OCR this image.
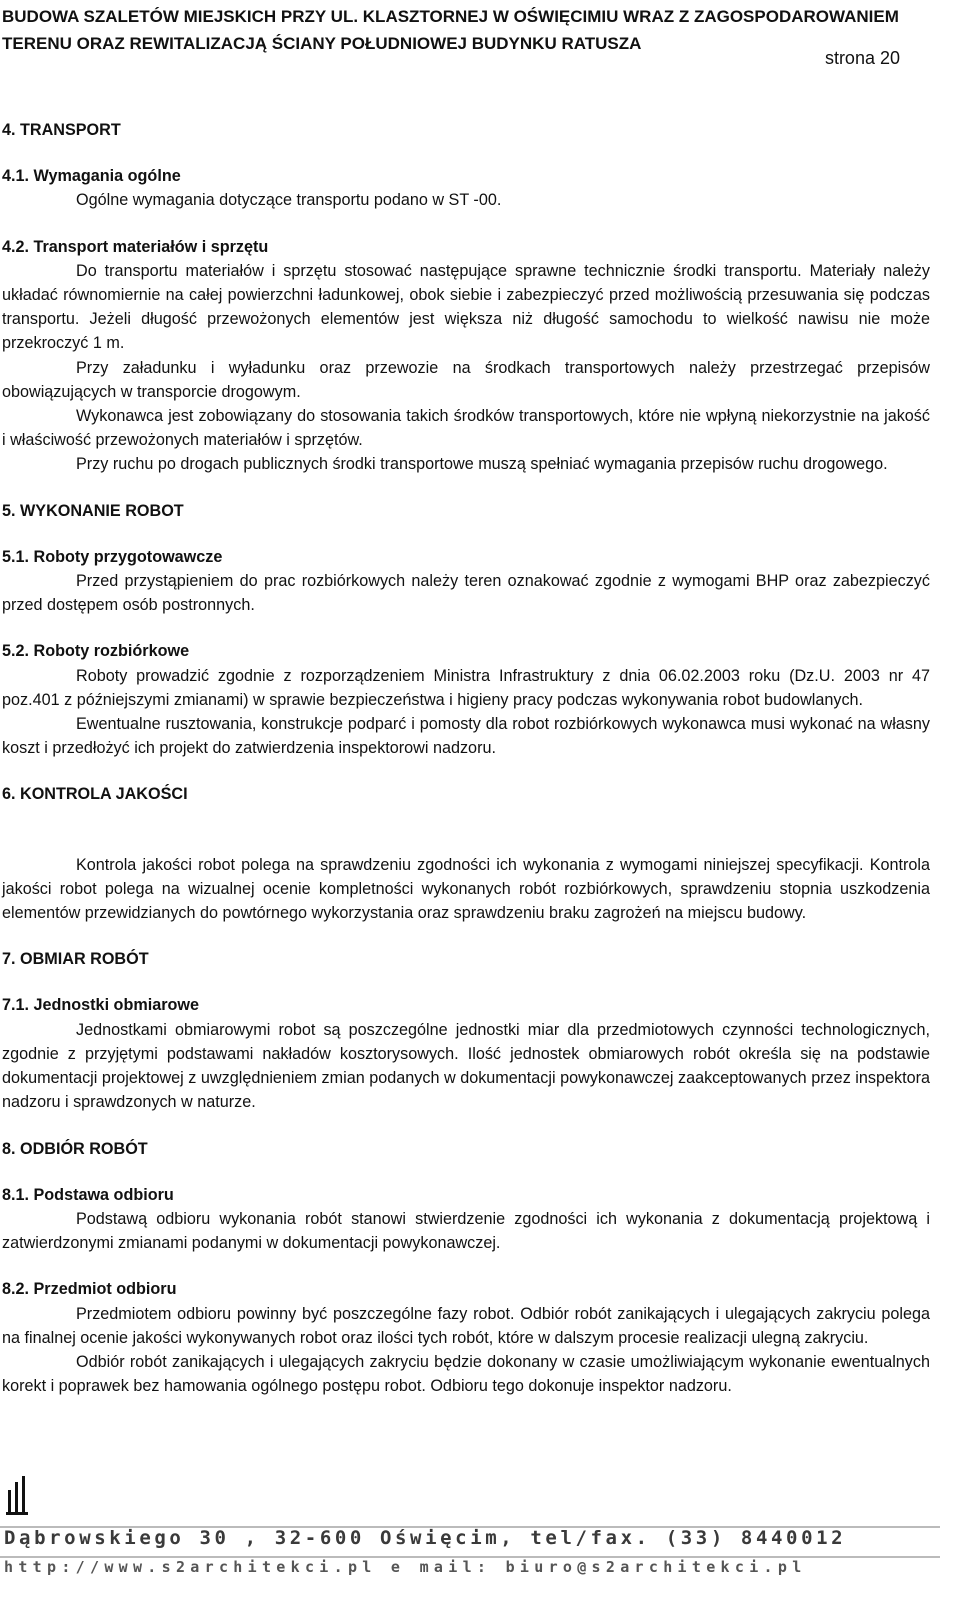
BUDOWA SZALETÓW MIEJSKICH PRZY UL. KLASZTORNEJ W OŚWIĘCIMIU WRAZ Z ZAGOSPODAROWANIEM
TERENU ORAZ REWITALIZACJĄ ŚCIANY POŁUDNIOWEJ BUDYNKU RATUSZA
strona 20

4. TRANSPORT

4.1. Wymagania ogólne

Ogólne wymagania dotyczące transportu podano w ST -00.

4.2. Transport materiałów i sprzętu

Do transportu materiałów i sprzętu stosować następujące sprawne technicznie środki transportu. Materiały należy układać równomiernie na całej powierzchni ładunkowej, obok siebie i zabezpieczyć przed możliwością przesuwania się podczas transportu. Jeżeli długość przewożonych elementów jest większa niż długość samochodu to wielkość nawisu nie może przekroczyć 1 m.

Przy załadunku i wyładunku oraz przewozie na środkach transportowych należy przestrzegać przepisów obowiązujących w transporcie drogowym.

Wykonawca jest zobowiązany do stosowania takich środków transportowych, które nie wpłyną niekorzystnie na jakość i właściwość przewożonych materiałów i sprzętów.

Przy ruchu po drogach publicznych środki transportowe muszą spełniać wymagania przepisów ruchu drogowego.

5. WYKONANIE ROBOT

5.1. Roboty przygotowawcze

Przed przystąpieniem do prac rozbiórkowych należy teren oznakować zgodnie z wymogami BHP oraz zabezpieczyć przed dostępem osób postronnych.

5.2. Roboty rozbiórkowe

Roboty prowadzić zgodnie z rozporządzeniem Ministra Infrastruktury z dnia 06.02.2003 roku (Dz.U. 2003 nr 47 poz.401 z późniejszymi zmianami) w sprawie bezpieczeństwa i higieny pracy podczas wykonywania robot budowlanych.

Ewentualne rusztowania, konstrukcje podparć i pomosty dla robot rozbiórkowych wykonawca musi wykonać na własny koszt i przedłożyć ich projekt do zatwierdzenia inspektorowi nadzoru.

6. KONTROLA JAKOŚCI

Kontrola jakości robot polega na sprawdzeniu zgodności ich wykonania z wymogami niniejszej specyfikacji. Kontrola jakości robot polega na wizualnej ocenie kompletności wykonanych robót rozbiórkowych, sprawdzeniu stopnia uszkodzenia elementów przewidzianych do powtórnego wykorzystania oraz sprawdzeniu braku zagrożeń na miejscu budowy.

7. OBMIAR ROBÓT

7.1. Jednostki obmiarowe

Jednostkami obmiarowymi robot są poszczególne jednostki miar dla przedmiotowych czynności technologicznych, zgodnie z przyjętymi podstawami nakładów kosztorysowych. Ilość jednostek obmiarowych robót określa się na podstawie dokumentacji projektowej z uwzględnieniem zmian podanych w dokumentacji powykonawczej zaakceptowanych przez inspektora nadzoru i sprawdzonych w naturze.

8. ODBIÓR ROBÓT

8.1. Podstawa odbioru

Podstawą odbioru wykonania robót stanowi stwierdzenie zgodności ich wykonania z dokumentacją projektową i zatwierdzonymi zmianami podanymi w dokumentacji powykonawczej.

8.2. Przedmiot odbioru

Przedmiotem odbioru powinny być poszczególne fazy robot. Odbiór robót zanikających i ulegających zakryciu polega na finalnej ocenie jakości wykonywanych robot oraz ilości tych robót, które w dalszym procesie realizacji ulegną zakryciu.

Odbiór robót zanikających i ulegających zakryciu będzie dokonany w czasie umożliwiającym wykonanie ewentualnych korekt i poprawek bez hamowania ogólnego postępu robot. Odbioru tego dokonuje inspektor nadzoru.

Dąbrowskiego 30 , 32-600 Oświęcim, tel/fax. (33) 8440012
http://www.s2architekci.pl e mail: biuro@s2architekci.pl
